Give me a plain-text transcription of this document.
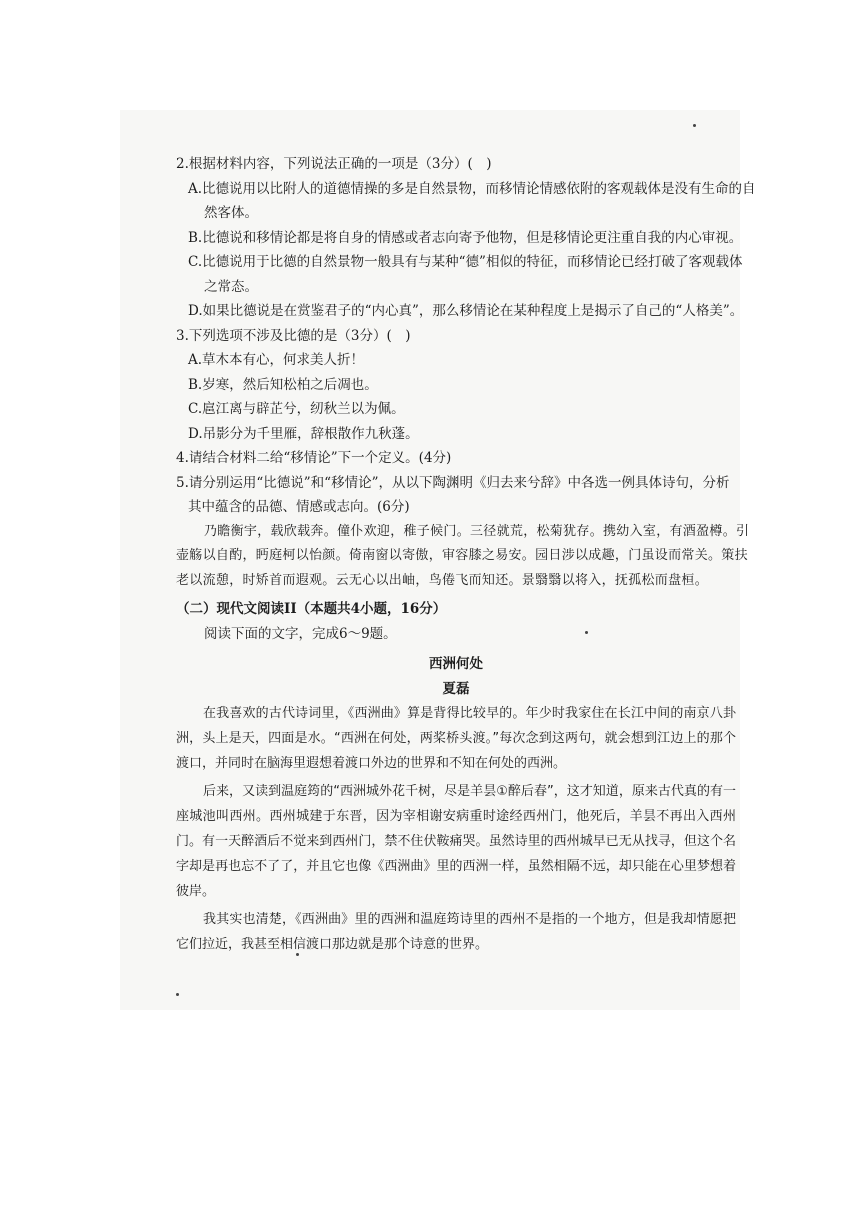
2.根据材料内容，下列说法正确的一项是（3分）(　)
A.比德说用以比附人的道德情操的多是自然景物，而移情论情感依附的客观载体是没有生命的自
然客体。
B.比德说和移情论都是将自身的情感或者志向寄予他物，但是移情论更注重自我的内心审视。
C.比德说用于比德的自然景物一般具有与某种“德”相似的特征，而移情论已经打破了客观载体
之常态。
D.如果比德说是在赏鉴君子的“内心真”，那么移情论在某种程度上是揭示了自己的“人格美”。
3.下列选项不涉及比德的是（3分）(　)
A.草木本有心，何求美人折！
B.岁寒，然后知松柏之后凋也。
C.扈江离与辟芷兮，纫秋兰以为佩。
D.吊影分为千里雁，辞根散作九秋蓬。
4.请结合材料二给“移情论”下一个定义。(4分)
5.请分别运用“比德说”和“移情论”，从以下陶渊明《归去来兮辞》中各选一例具体诗句，分析
其中蕴含的品德、情感或志向。(6分)
乃瞻衡宇，载欣载奔。僮仆欢迎，稚子候门。三径就荒，松菊犹存。携幼入室，有酒盈樽。引
壶觞以自酌，眄庭柯以怡颜。倚南窗以寄傲，审容膝之易安。园日涉以成趣，门虽设而常关。策扶
老以流憩，时矫首而遐观。云无心以出岫，鸟倦飞而知还。景翳翳以将入，抚孤松而盘桓。
（二）现代文阅读II（本题共4小题，16分）
阅读下面的文字，完成6～9题。
西洲何处
夏磊

在我喜欢的古代诗词里，《西洲曲》算是背得比较早的。年少时我家住在长江中间的南京八卦洲，头上是天，四面是水。“西洲在何处，两桨桥头渡。”每次念到这两句，就会想到江边上的那个渡口，并同时在脑海里遐想着渡口外边的世界和不知在何处的西洲。

后来，又读到温庭筠的“西洲城外花千树，尽是羊昙①醉后春”，这才知道，原来古代真的有一座城池叫西州。西州城建于东晋，因为宰相谢安病重时途经西州门，他死后，羊昙不再出入西州门。有一天醉酒后不觉来到西州门，禁不住伏鞍痛哭。虽然诗里的西州城早已无从找寻，但这个名字却是再也忘不了了，并且它也像《西洲曲》里的西洲一样，虽然相隔不远，却只能在心里梦想着彼岸。

我其实也清楚，《西洲曲》里的西洲和温庭筠诗里的西州不是指的一个地方，但是我却情愿把它们拉近，我甚至相信渡口那边就是那个诗意的世界。
